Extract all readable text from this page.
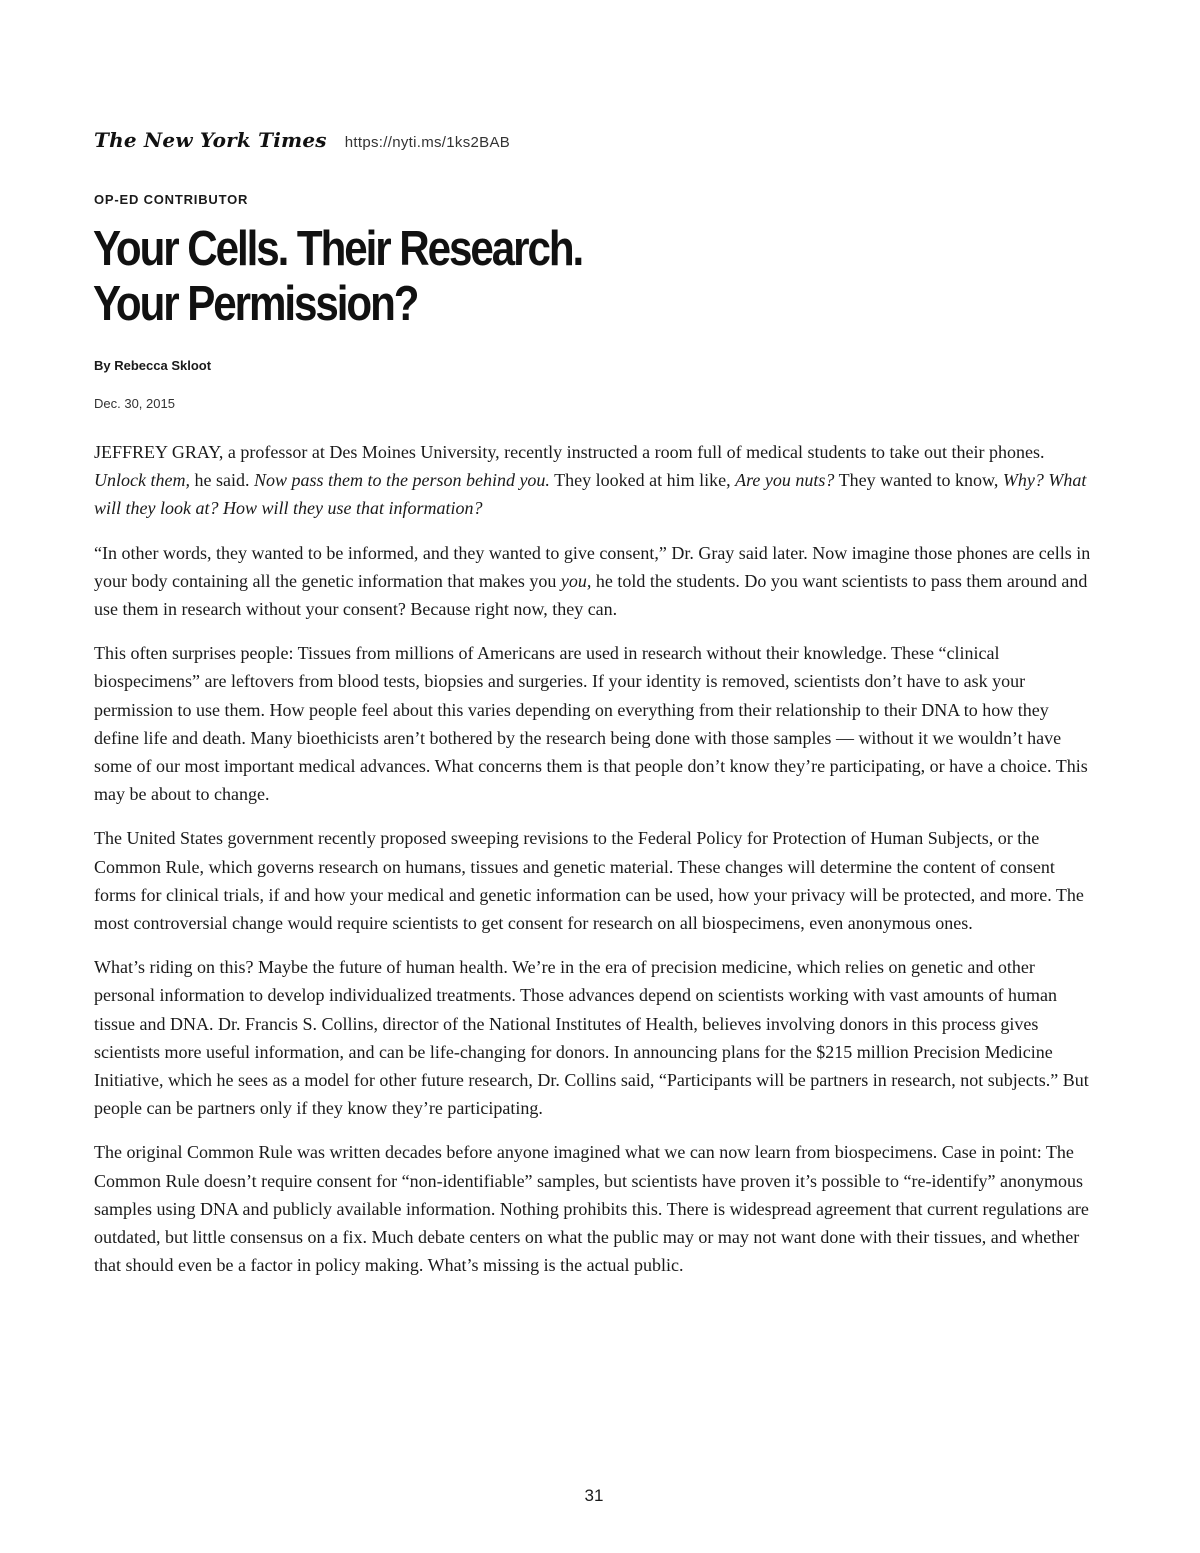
The New York Times https://nyti.ms/1ks2BAB
OP-ED CONTRIBUTOR
Your Cells. Their Research. Your Permission?
By Rebecca Skloot
Dec. 30, 2015

JEFFREY GRAY, a professor at Des Moines University, recently instructed a room full of medical students to take out their phones. Unlock them, he said. Now pass them to the person behind you. They looked at him like, Are you nuts? They wanted to know, Why? What will they look at? How will they use that information?

“In other words, they wanted to be informed, and they wanted to give consent,” Dr. Gray said later. Now imagine those phones are cells in your body containing all the genetic information that makes you you, he told the students. Do you want scientists to pass them around and use them in research without your consent? Because right now, they can.

This often surprises people: Tissues from millions of Americans are used in research without their knowledge. These “clinical biospecimens” are leftovers from blood tests, biopsies and surgeries. If your identity is removed, scientists don’t have to ask your permission to use them. How people feel about this varies depending on everything from their relationship to their DNA to how they define life and death. Many bioethicists aren’t bothered by the research being done with those samples — without it we wouldn’t have some of our most important medical advances. What concerns them is that people don’t know they’re participating, or have a choice. This may be about to change.

The United States government recently proposed sweeping revisions to the Federal Policy for Protection of Human Subjects, or the Common Rule, which governs research on humans, tissues and genetic material. These changes will determine the content of consent forms for clinical trials, if and how your medical and genetic information can be used, how your privacy will be protected, and more. The most controversial change would require scientists to get consent for research on all biospecimens, even anonymous ones.

What’s riding on this? Maybe the future of human health. We’re in the era of precision medicine, which relies on genetic and other personal information to develop individualized treatments. Those advances depend on scientists working with vast amounts of human tissue and DNA. Dr. Francis S. Collins, director of the National Institutes of Health, believes involving donors in this process gives scientists more useful information, and can be life-changing for donors. In announcing plans for the $215 million Precision Medicine Initiative, which he sees as a model for other future research, Dr. Collins said, “Participants will be partners in research, not subjects.” But people can be partners only if they know they’re participating.

The original Common Rule was written decades before anyone imagined what we can now learn from biospecimens. Case in point: The Common Rule doesn’t require consent for “non-identifiable” samples, but scientists have proven it’s possible to “re-identify” anonymous samples using DNA and publicly available information. Nothing prohibits this. There is widespread agreement that current regulations are outdated, but little consensus on a fix. Much debate centers on what the public may or may not want done with their tissues, and whether that should even be a factor in policy making. What’s missing is the actual public.

31
